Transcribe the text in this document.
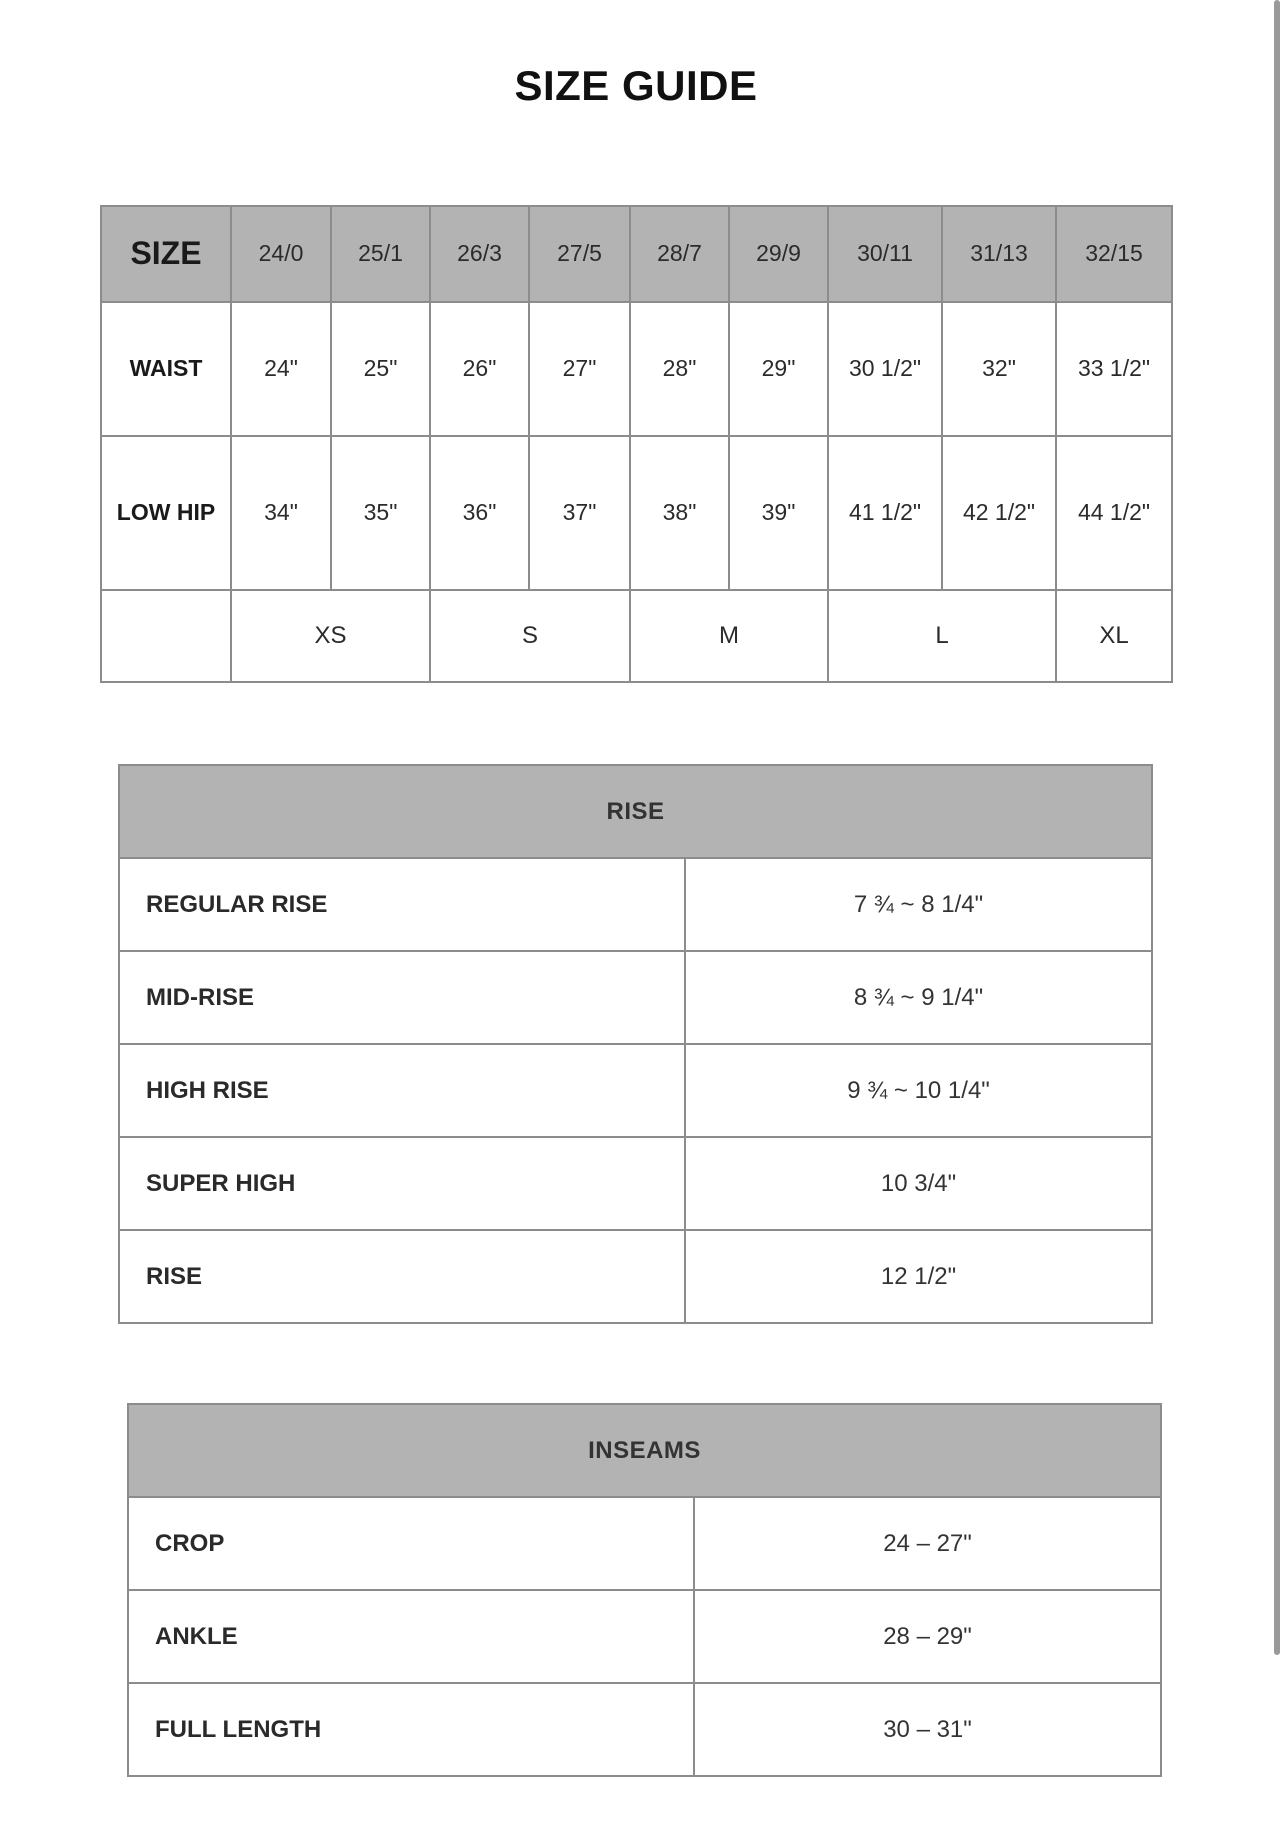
SIZE GUIDE
SIZE	24/0	25/1	26/3	27/5	28/7	29/9	30/11	31/13	32/15
WAIST	24"	25"	26"	27"	28"	29"	30 1/2"	32"	33 1/2"
LOW HIP	34"	35"	36"	37"	38"	39"	41 1/2"	42 1/2"	44 1/2"
	XS		S		M		L		XL
RISE	
REGULAR RISE	7 ¾ ~ 8 1/4"
MID-RISE	8 ¾ ~ 9 1/4"
HIGH RISE	9 ¾ ~ 10 1/4"
SUPER HIGH	10 3/4"
RISE	12 1/2"
INSEAMS	
CROP	24 – 27"
ANKLE	28 – 29"
FULL LENGTH	30 – 31"
